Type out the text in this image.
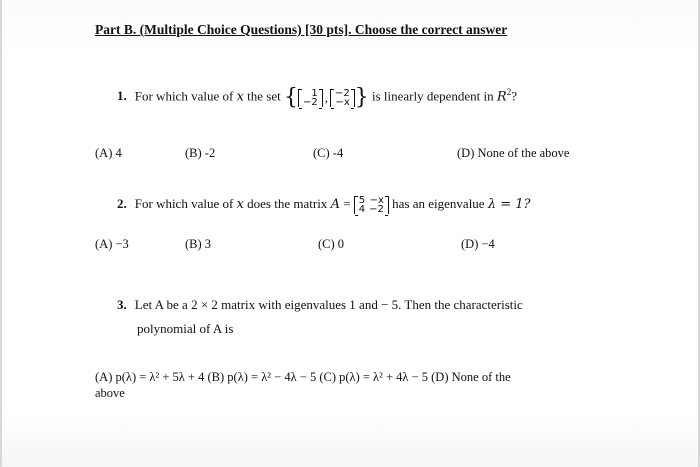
Part B. (Multiple Choice Questions) [30 pts]. Choose the correct answer
1. For which value of x the set { 1
−2 , −2
−x } is linearly dependent in $R^2$?
(A) 4	(B) -2	(C) -4	(D) None of the above
2. For which value of x does the matrix A = 5	−x
4	−2 has an eigenvalue λ = 1?
(A) −3	(B) 3	(C) 0	(D) −4
3. Let A be a 2 × 2 matrix with eigenvalues 1 and − 5. Then the characteristic
polynomial of A is
(A) p(λ) = λ² + 5λ + 4 (B) p(λ) = λ² − 4λ − 5 (C) p(λ) = λ² + 4λ − 5 (D) None of the
above
